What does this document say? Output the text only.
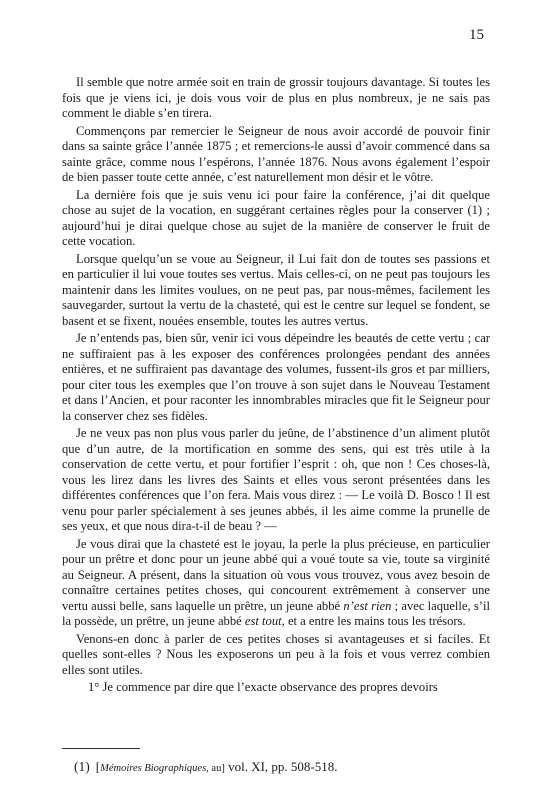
15

Il semble que notre armée soit en train de grossir toujours davantage. Si toutes les fois que je viens ici, je dois vous voir de plus en plus nombreux, je ne sais pas comment le diable s’en tirera.

Commençons par remercier le Seigneur de nous avoir accordé de pouvoir finir dans sa sainte grâce l’année 1875 ; et remercions-le aussi d’avoir commencé dans sa sainte grâce, comme nous l’espérons, l’année 1876. Nous avons également l’espoir de bien passer toute cette année, c’est naturellement mon désir et le vôtre.

La dernière fois que je suis venu ici pour faire la conférence, j’ai dit quelque chose au sujet de la vocation, en suggérant certaines règles pour la conserver (1) ; aujourd’hui je dirai quelque chose au sujet de la manière de conserver le fruit de cette vocation.

Lorsque quelqu’un se voue au Seigneur, il Lui fait don de toutes ses passions et en particulier il lui voue toutes ses vertus. Mais celles-ci, on ne peut pas toujours les maintenir dans les limites voulues, on ne peut pas, par nous-mêmes, facilement les sauvegarder, surtout la vertu de la chasteté, qui est le centre sur lequel se fondent, se basent et se fixent, nouées ensemble, toutes les autres vertus.

Je n’entends pas, bien sûr, venir ici vous dépeindre les beautés de cette vertu ; car ne suffiraient pas à les exposer des conférences prolongées pendant des années entières, et ne suffiraient pas davantage des volumes, fussent-ils gros et par milliers, pour citer tous les exemples que l’on trouve à son sujet dans le Nouveau Testament et dans l’Ancien, et pour raconter les innombrables miracles que fit le Seigneur pour la conserver chez ses fidèles.

Je ne veux pas non plus vous parler du jeûne, de l’abstinence d’un aliment plutôt que d’un autre, de la mortification en somme des sens, qui est très utile à la conservation de cette vertu, et pour fortifier l’esprit : oh, que non ! Ces choses-là, vous les lirez dans les livres des Saints et elles vous seront présentées dans les différentes conférences que l’on fera. Mais vous direz : — Le voilà D. Bosco ! Il est venu pour parler spécialement à ses jeunes abbés, il les aime comme la prunelle de ses yeux, et que nous dira-t-il de beau ? —

Je vous dirai que la chasteté est le joyau, la perle la plus précieuse, en particulier pour un prêtre et donc pour un jeune abbé qui a voué toute sa vie, toute sa virginité au Seigneur. A présent, dans la situation où vous vous trouvez, vous avez besoin de connaître certaines petites choses, qui concourent extrêmement à conserver une vertu aussi belle, sans laquelle un prêtre, un jeune abbé n’est rien ; avec laquelle, s’il la possède, un prêtre, un jeune abbé est tout, et a entre les mains tous les trésors.

Venons-en donc à parler de ces petites choses si avantageuses et si faciles. Et quelles sont-elles ? Nous les exposerons un peu à la fois et vous verrez combien elles sont utiles.

1° Je commence par dire que l’exacte observance des propres devoirs

(1) [Mémoires Biographiques, au] vol. XI, pp. 508-518.
